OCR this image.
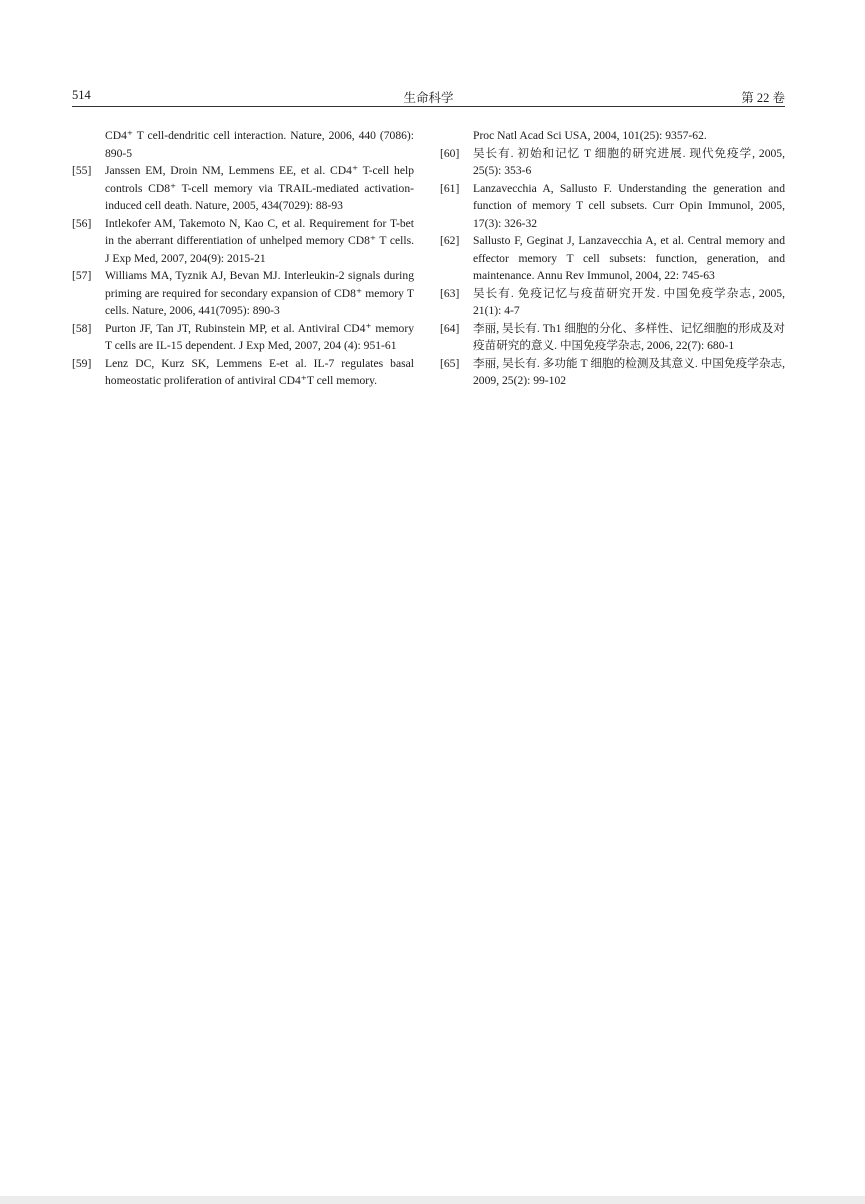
514	生命科学	第 22 卷
CD4⁺ T cell-dendritic cell interaction. Nature, 2006, 440 (7086): 890-5
[55]	Janssen EM, Droin NM, Lemmens EE, et al. CD4⁺ T-cell help controls CD8⁺ T-cell memory via TRAIL-mediated activation-induced cell death. Nature, 2005, 434(7029): 88-93
[56]	Intlekofer AM, Takemoto N, Kao C, et al. Requirement for T-bet in the aberrant differentiation of unhelped memory CD8⁺ T cells. J Exp Med, 2007, 204(9): 2015-21
[57]	Williams MA, Tyznik AJ, Bevan MJ. Interleukin-2 signals during priming are required for secondary expansion of CD8⁺ memory T cells. Nature, 2006, 441(7095): 890-3
[58]	Purton JF, Tan JT, Rubinstein MP, et al. Antiviral CD4⁺ memory T cells are IL-15 dependent. J Exp Med, 2007, 204 (4): 951-61
[59]	Lenz DC, Kurz SK, Lemmens E-et al. IL-7 regulates basal homeostatic proliferation of antiviral CD4⁺T cell memory.
Proc Natl Acad Sci USA, 2004, 101(25): 9357-62.
[60]	吴长有. 初始和记忆 T 细胞的研究进展. 现代免疫学, 2005, 25(5): 353-6
[61]	Lanzavecchia A, Sallusto F. Understanding the generation and function of memory T cell subsets. Curr Opin Immunol, 2005, 17(3): 326-32
[62]	Sallusto F, Geginat J, Lanzavecchia A, et al. Central memory and effector memory T cell subsets: function, generation, and maintenance. Annu Rev Immunol, 2004, 22: 745-63
[63]	吴长有. 免疫记忆与疫苗研究开发. 中国免疫学杂志, 2005, 21(1): 4-7
[64]	李丽, 吴长有. Th1 细胞的分化、多样性、记忆细胞的形成及对疫苗研究的意义. 中国免疫学杂志, 2006, 22(7): 680-1
[65]	李丽, 吴长有. 多功能 T 细胞的检测及其意义. 中国免疫学杂志, 2009, 25(2): 99-102
